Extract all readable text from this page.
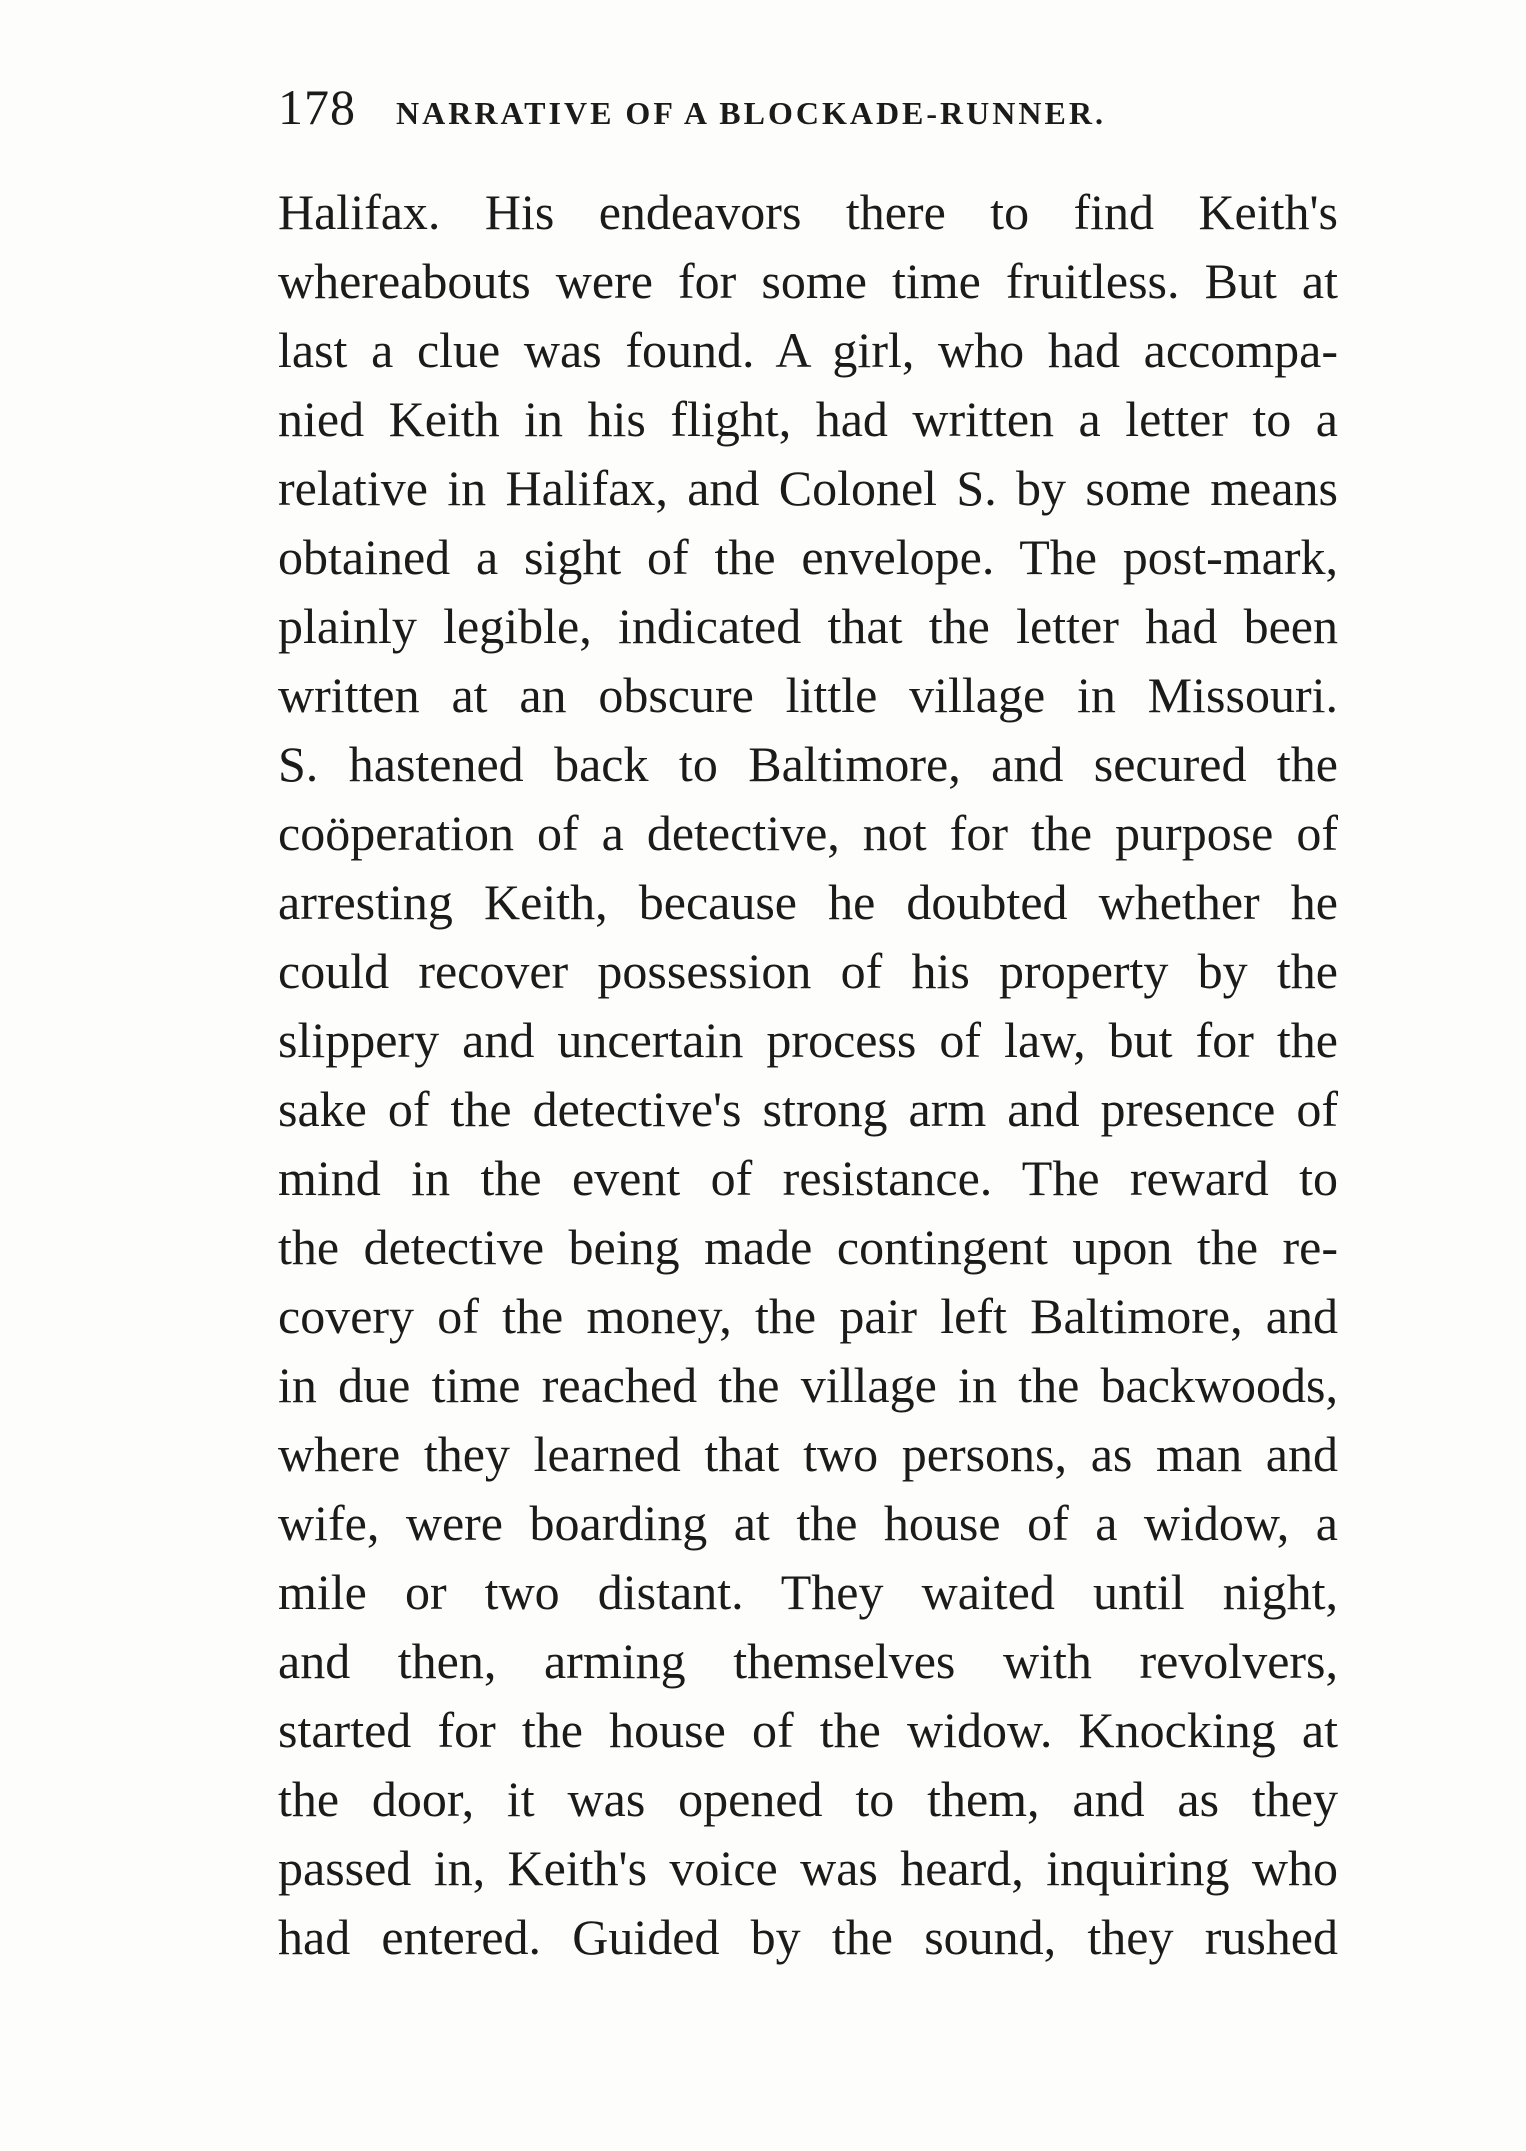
178 NARRATIVE OF A BLOCKADE-RUNNER.
Halifax. His endeavors there to find Keith's
whereabouts were for some time fruitless. But at
last a clue was found. A girl, who had accompa-
nied Keith in his flight, had written a letter to a
relative in Halifax, and Colonel S. by some means
obtained a sight of the envelope. The post-mark,
plainly legible, indicated that the letter had been
written at an obscure little village in Missouri.
S. hastened back to Baltimore, and secured the
coöperation of a detective, not for the purpose of
arresting Keith, because he doubted whether he
could recover possession of his property by the
slippery and uncertain process of law, but for the
sake of the detective's strong arm and presence of
mind in the event of resistance. The reward to
the detective being made contingent upon the re-
covery of the money, the pair left Baltimore, and
in due time reached the village in the backwoods,
where they learned that two persons, as man and
wife, were boarding at the house of a widow, a
mile or two distant. They waited until night,
and then, arming themselves with revolvers,
started for the house of the widow. Knocking at
the door, it was opened to them, and as they
passed in, Keith's voice was heard, inquiring who
had entered. Guided by the sound, they rushed
